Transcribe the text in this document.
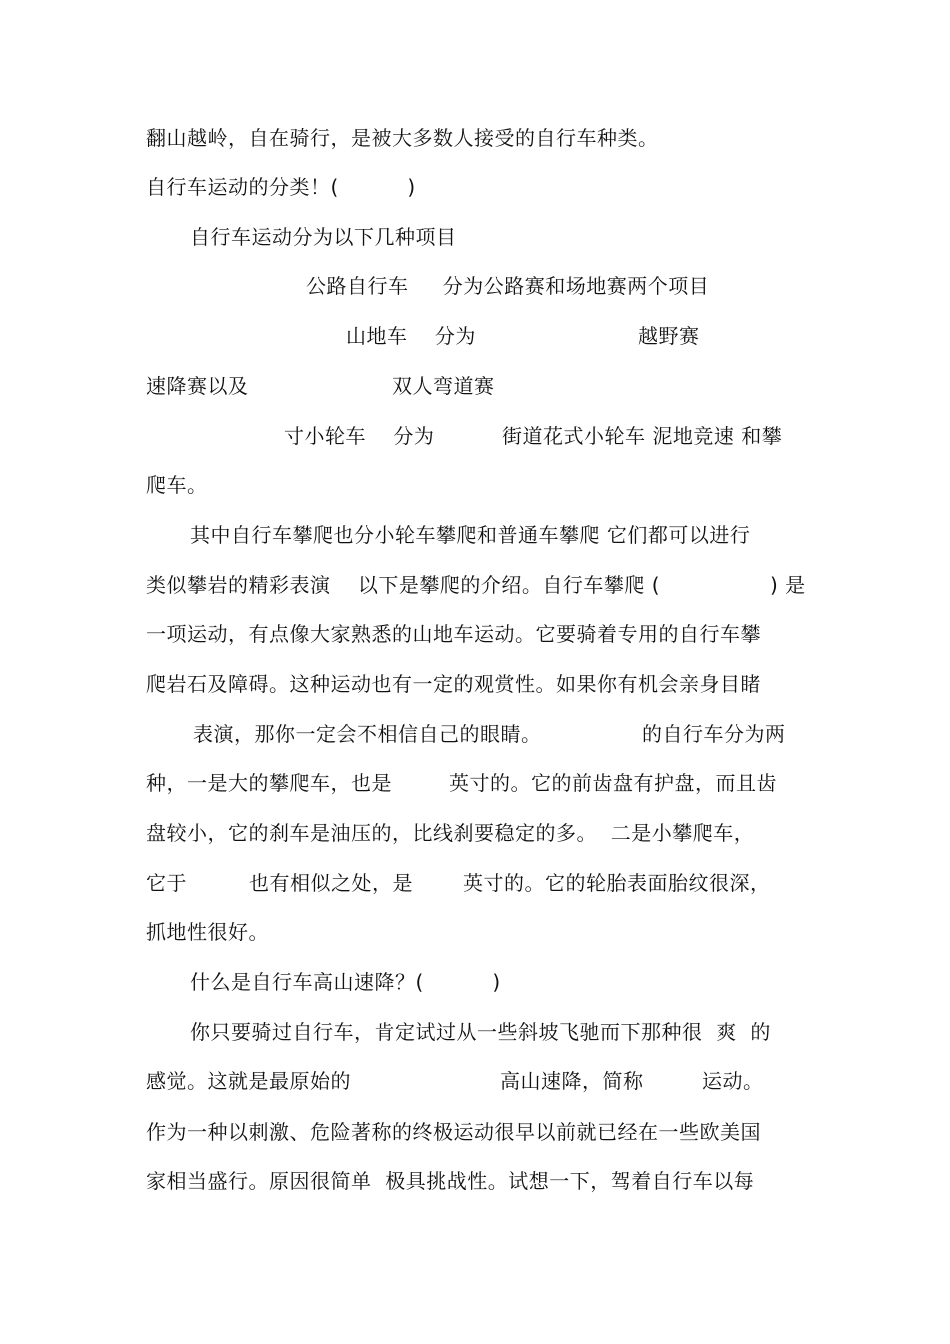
翻山越岭，自在骑行，是被大多数人接受的自行车种类。
自行车运动的分类！(          )
自行车运动分为以下几种项目
公路自行车     分为公路赛和场地赛两个项目
山地车    分为	越野赛
速降赛以及	双人弯道赛
寸小轮车    分为	街道花式小轮车 泥地竞速 和攀
爬车。
其中自行车攀爬也分小轮车攀爬和普通车攀爬 它们都可以进行
类似攀岩的精彩表演    以下是攀爬的介绍。自行车攀爬 (	) 是
一项运动，有点像大家熟悉的山地车运动。它要骑着专用的自行车攀
爬岩石及障碍。这种运动也有一定的观赏性。如果你有机会亲身目睹
表演，那你一定会不相信自己的眼睛。	的自行车分为两
种，一是大的攀爬车，也是	英寸的。它的前齿盘有护盘，而且齿
盘较小，它的刹车是油压的，比线刹要稳定的多。  二是小攀爬车，
它于	也有相似之处，是	英寸的。它的轮胎表面胎纹很深，
抓地性很好。
什么是自行车高山速降？(          )
你只要骑过自行车，肯定试过从一些斜坡飞驰而下那种很  爽  的
感觉。这就是最原始的	高山速降，简称	运动。
作为一种以刺激、危险著称的终极运动很早以前就已经在一些欧美国
家相当盛行。原因很简单  极具挑战性。试想一下，驾着自行车以每
